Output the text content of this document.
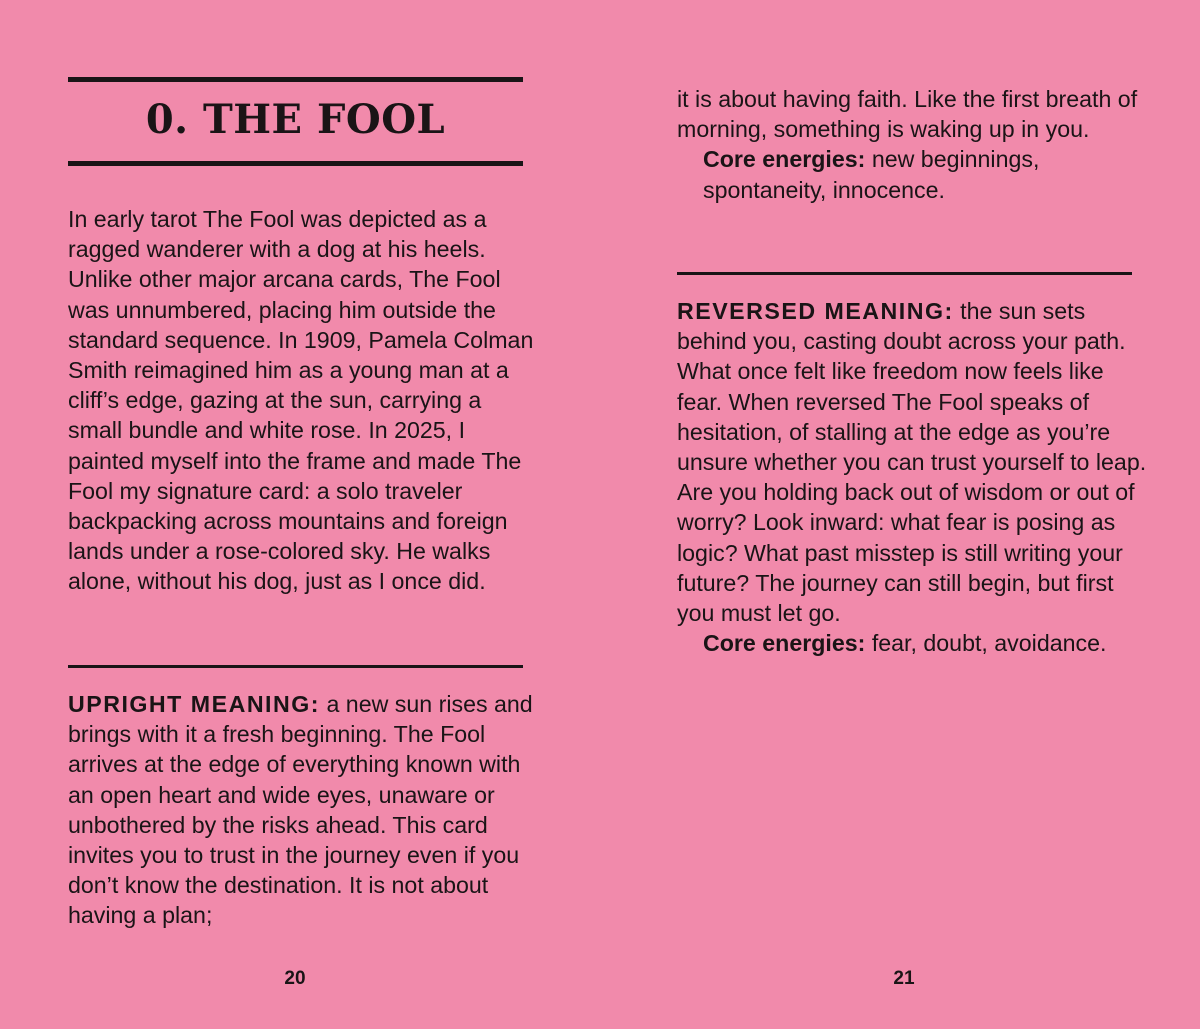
0. THE FOOL

In early tarot The Fool was depicted as a ragged wanderer with a dog at his heels. Unlike other major arcana cards, The Fool was unnumbered, placing him outside the standard sequence. In 1909, Pamela Colman Smith reimagined him as a young man at a cliff’s edge, gazing at the sun, carrying a small bundle and white rose. In 2025, I painted myself into the frame and made The Fool my signature card: a solo traveler backpacking across mountains and foreign lands under a rose-colored sky. He walks alone, without his dog, just as I once did.

UPRIGHT MEANING: a new sun rises and brings with it a fresh beginning. The Fool arrives at the edge of everything known with an open heart and wide eyes, unaware or unbothered by the risks ahead. This card invites you to trust in the journey even if you don’t know the destination. It is not about having a plan;

20

it is about having faith. Like the first breath of morning, something is waking up in you.
Core energies: new beginnings, spontaneity, innocence.

REVERSED MEANING: the sun sets behind you, casting doubt across your path. What once felt like freedom now feels like fear. When reversed The Fool speaks of hesitation, of stalling at the edge as you’re unsure whether you can trust yourself to leap. Are you holding back out of wisdom or out of worry? Look inward: what fear is posing as logic? What past misstep is still writing your future? The journey can still begin, but first you must let go.
Core energies: fear, doubt, avoidance.

21
